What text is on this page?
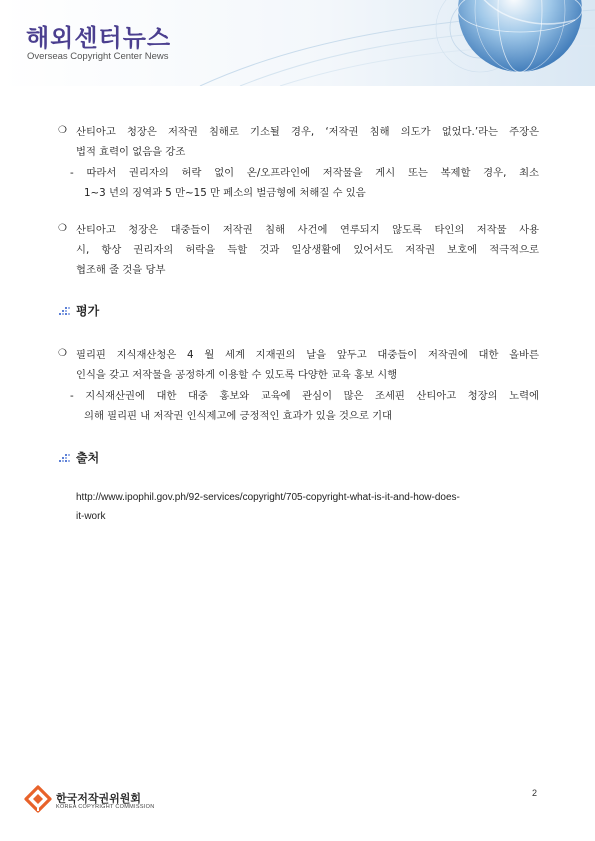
해외센터뉴스
Overseas Copyright Center News
❍ 산티아고 청장은 저작권 침해로 기소될 경우, ‘저작권 침해 의도가 없었다.’라는 주장은
법적 효력이 없음을 강조
- 따라서 권리자의 허락 없이 온/오프라인에 저작물을 게시 또는 복제할 경우, 최소
1~3 년의 징역과 5 만~15 만 페소의 벌금형에 처해질 수 있음
❍ 산티아고 청장은 대중들이 저작권 침해 사건에 연루되지 않도록 타인의 저작물 사용
시, 항상 권리자의 허락을 득할 것과 일상생활에 있어서도 저작권 보호에 적극적으로
협조해 줄 것을 당부
평가
❍ 필리핀 지식재산청은 4 월 세계 지재권의 날을 앞두고 대중들이 저작권에 대한 올바른
인식을 갖고 저작물을 공정하게 이용할 수 있도록 다양한 교육 홍보 시행
- 지식재산권에 대한 대중 홍보와 교육에 관심이 많은 조세핀 산티아고 청장의 노력에
의해 필리핀 내 저작권 인식제고에 긍정적인 효과가 있을 것으로 기대
출처
http://www.ipophil.gov.ph/92-services/copyright/705-copyright-what-is-it-and-how-does-
it-work
한국저작권위원회
KOREA COPYRIGHT COMMISSION
2
